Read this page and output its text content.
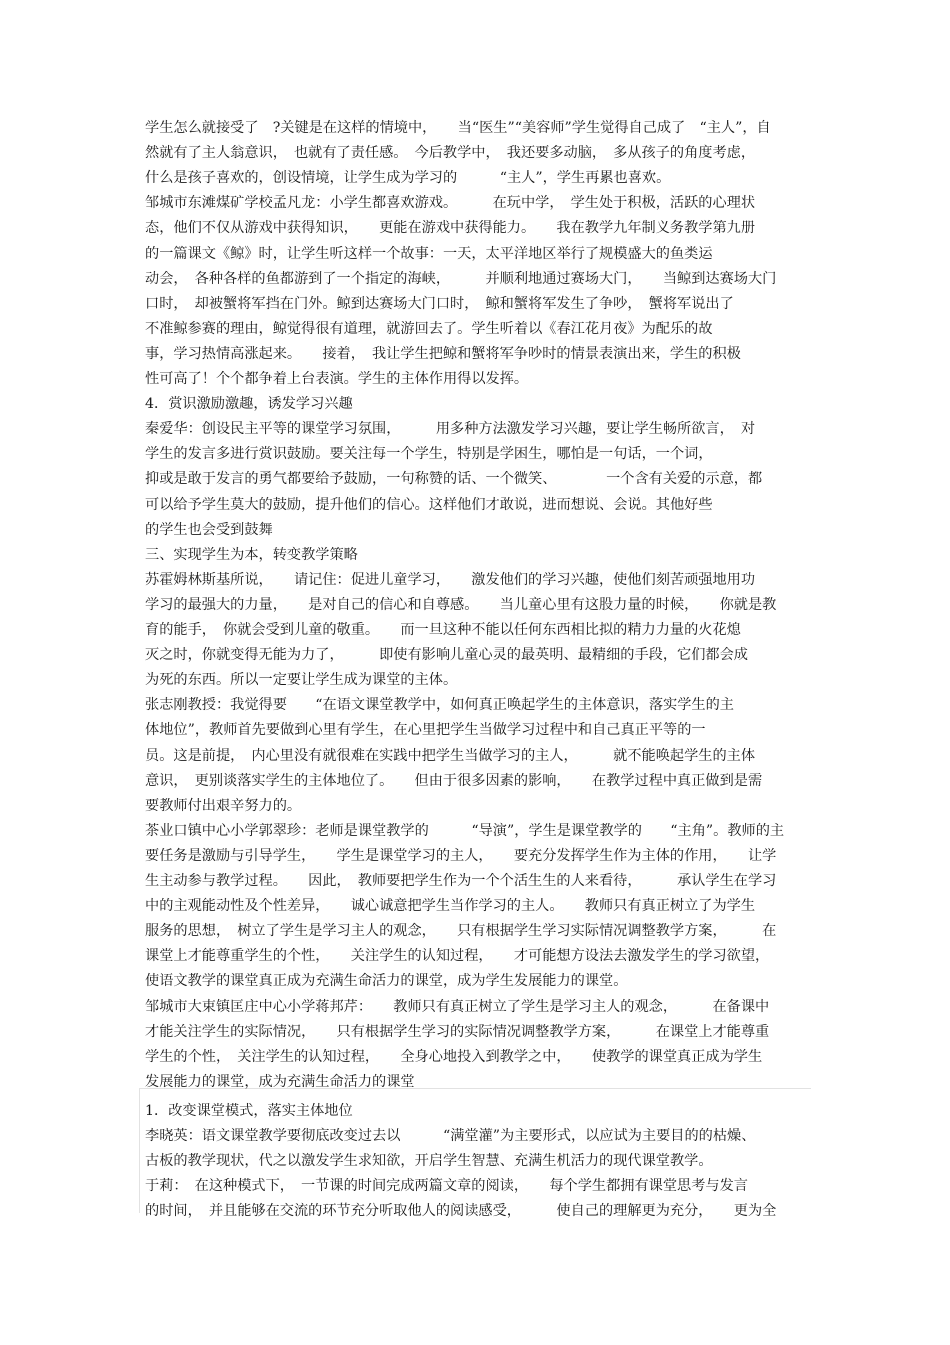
学生怎么就接受了　?关键是在这样的情境中，　　当“医生”“美容师”学生觉得自己成了　“主人”，自
然就有了主人翁意识，　也就有了责任感。　今后教学中，　我还要多动脑，　多从孩子的角度考虑，
什么是孩子喜欢的，创设情境，让学生成为学习的　　　“主人”，学生再累也喜欢。
邹城市东滩煤矿学校孟凡龙：小学生都喜欢游戏。　　　在玩中学，　学生处于积极，活跃的心理状
态，他们不仅从游戏中获得知识，　　更能在游戏中获得能力。　　我在教学九年制义务教学第九册
的一篇课文《鲸》时，让学生听这样一个故事：一天，太平洋地区举行了规模盛大的鱼类运
动会，　各种各样的鱼都游到了一个指定的海峡，　　　并顺利地通过赛场大门，　　当鲸到达赛场大门
口时，　却被蟹将军挡在门外。鲸到达赛场大门口时，　鲸和蟹将军发生了争吵，　蟹将军说出了
不准鲸参赛的理由，鲸觉得很有道理，就游回去了。学生听着以《春江花月夜》为配乐的故
事，学习热情高涨起来。　　接着，　我让学生把鲸和蟹将军争吵时的情景表演出来，学生的积极
性可高了！个个都争着上台表演。学生的主体作用得以发挥。
4．赏识激励激趣，诱发学习兴趣
秦爱华：创设民主平等的课堂学习氛围，　　　用多种方法激发学习兴趣，要让学生畅所欲言，　对
学生的发言多进行赏识鼓励。要关注每一个学生，特别是学困生，哪怕是一句话，一个词，
抑或是敢于发言的勇气都要给予鼓励，一句称赞的话、一个微笑、　　　　一个含有关爱的示意，都
可以给予学生莫大的鼓励，提升他们的信心。这样他们才敢说，进而想说、会说。其他好些
的学生也会受到鼓舞
三、实现学生为本，转变教学策略
苏霍姆林斯基所说，　　请记住：促进儿童学习，　　激发他们的学习兴趣，使他们刻苦顽强地用功
学习的最强大的力量，　　是对自己的信心和自尊感。　　当儿童心里有这股力量的时候，　　你就是教
育的能手，　你就会受到儿童的敬重。　　而一旦这种不能以任何东西相比拟的精力力量的火花熄
灭之时，你就变得无能为力了，　　　即使有影响儿童心灵的最英明、最精细的手段，它们都会成
为死的东西。所以一定要让学生成为课堂的主体。
张志刚教授：我觉得要　　“在语文课堂教学中，如何真正唤起学生的主体意识，落实学生的主
体地位”，教师首先要做到心里有学生，在心里把学生当做学习过程中和自己真正平等的一
员。这是前提，　内心里没有就很难在实践中把学生当做学习的主人，　　　就不能唤起学生的主体
意识，　更别谈落实学生的主体地位了。　　但由于很多因素的影响，　　在教学过程中真正做到是需
要教师付出艰辛努力的。
茶业口镇中心小学郭翠珍：老师是课堂教学的　　　“导演”，学生是课堂教学的　　“主角”。教师的主
要任务是激励与引导学生，　　学生是课堂学习的主人，　　要充分发挥学生作为主体的作用，　　让学
生主动参与教学过程。　　因此，　教师要把学生作为一个个活生生的人来看待，　　　承认学生在学习
中的主观能动性及个性差异，　　诚心诚意把学生当作学习的主人。　　教师只有真正树立了为学生
服务的思想，　树立了学生是学习主人的观念，　　只有根据学生学习实际情况调整教学方案，　　　在
课堂上才能尊重学生的个性，　　关注学生的认知过程，　　才可能想方设法去激发学生的学习欲望，
使语文教学的课堂真正成为充满生命活力的课堂，成为学生发展能力的课堂。
邹城市大束镇匡庄中心小学蒋邦芹：　　教师只有真正树立了学生是学习主人的观念，　　　在备课中
才能关注学生的实际情况，　　只有根据学生学习的实际情况调整教学方案，　　　在课堂上才能尊重
学生的个性，　关注学生的认知过程，　　全身心地投入到教学之中，　　使教学的课堂真正成为学生
发展能力的课堂，成为充满生命活力的课堂
1．改变课堂模式，落实主体地位
李晓英：语文课堂教学要彻底改变过去以　　　“满堂灌”为主要形式，以应试为主要目的的枯燥、
古板的教学现状，代之以激发学生求知欲，开启学生智慧、充满生机活力的现代课堂教学。
于莉：　在这种模式下，　一节课的时间完成两篇文章的阅读，　　每个学生都拥有课堂思考与发言
的时间，　并且能够在交流的环节充分听取他人的阅读感受，　　　使自己的理解更为充分，　　更为全
